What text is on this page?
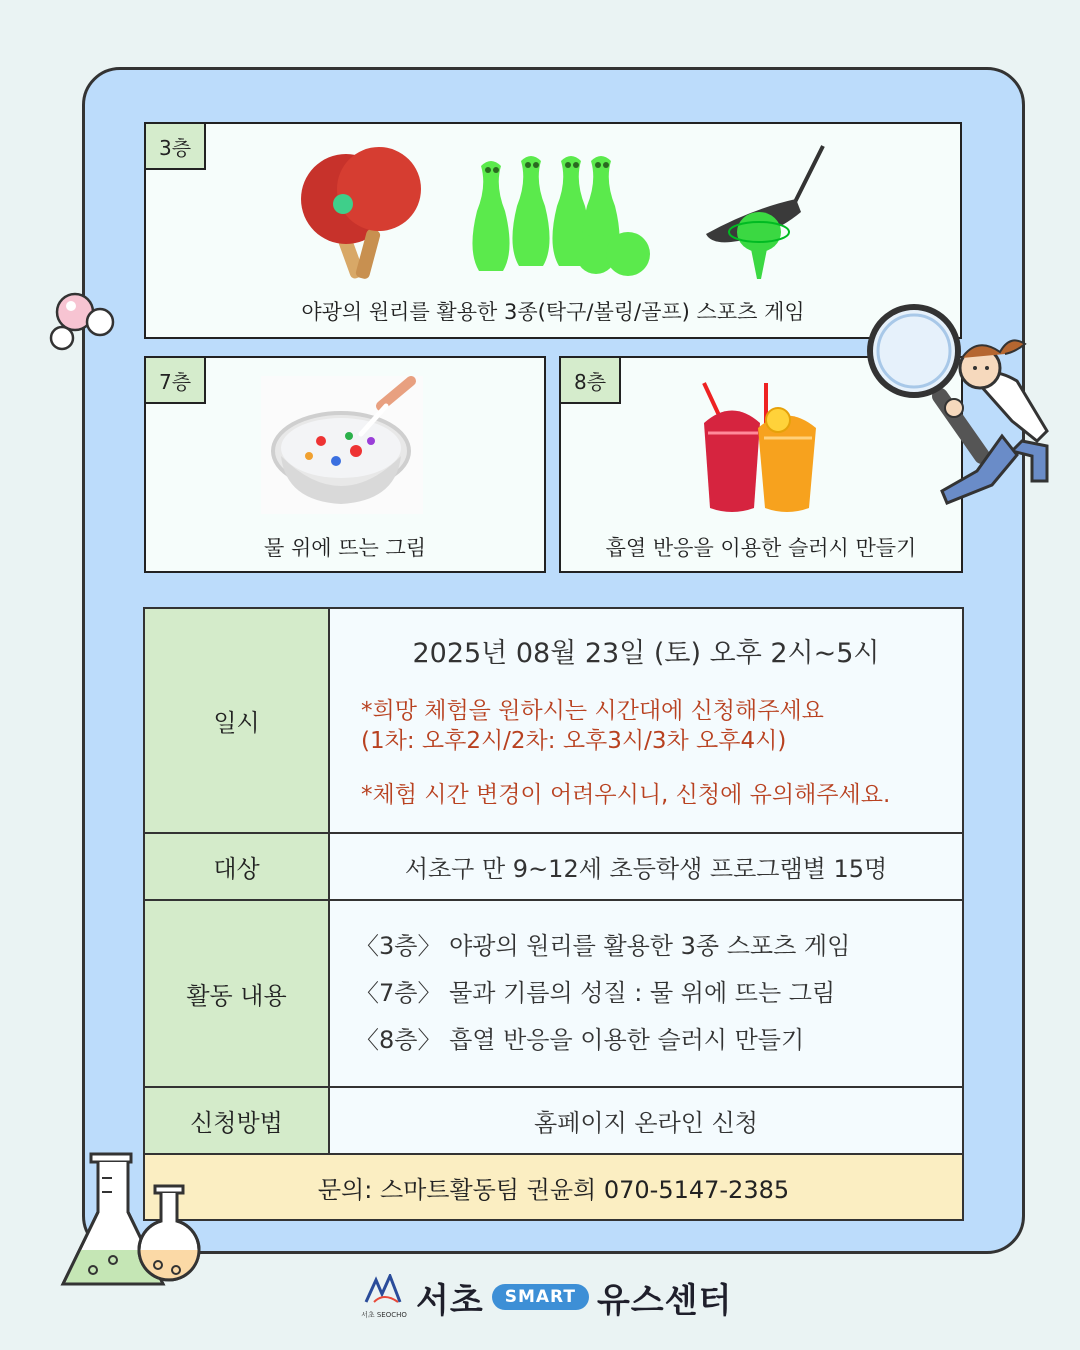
3층
야광의 원리를 활용한 3종(탁구/볼링/골프) 스포츠 게임
7층
물 위에 뜨는 그림
8층
흡열 반응을 이용한 슬러시 만들기
일시	2025년 08월 23일 (토) 오후 2시~5시
*희망 체험을 원하시는 시간대에 신청해주세요
(1차: 오후2시/2차: 오후3시/3차 오후4시)
*체험 시간 변경이 어려우시니, 신청에 유의해주세요.

대상	서초구 만 9~12세 초등학생 프로그램별 15명
활동 내용	〈3층〉 야광의 원리를 활용한 3종 스포츠 게임
〈7층〉 물과 기름의 성질 : 물 위에 뜨는 그림
〈8층〉 흡열 반응을 이용한 슬러시 만들기

신청방법	홈페이지 온라인 신청
문의: 스마트활동팀 권윤희 070-5147-2385	
서초 SEOCHO 서초	SMART 유스센터
